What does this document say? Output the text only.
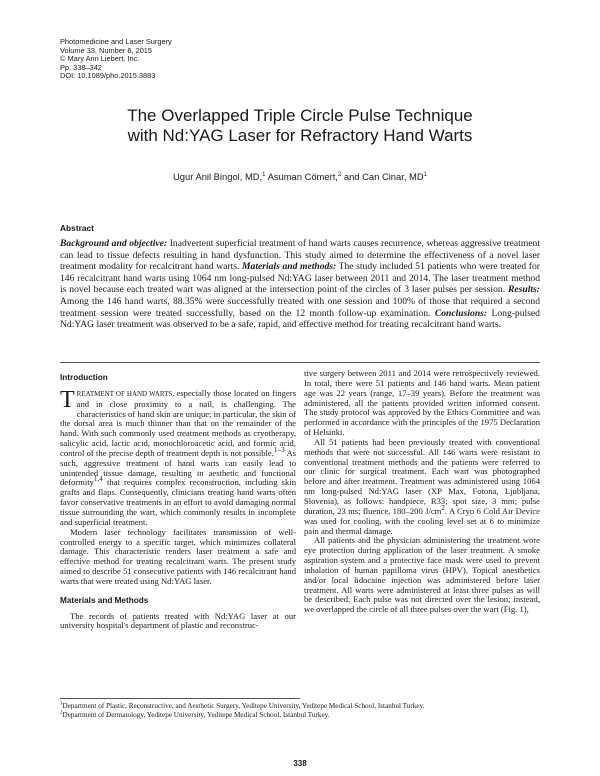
Photomedicine and Laser Surgery
Volume 33, Number 6, 2015
© Mary Ann Liebert, Inc.
Pp. 338–342
DOI: 10.1089/pho.2015.3883
The Overlapped Triple Circle Pulse Technique
with Nd:YAG Laser for Refractory Hand Warts
Ugur Anil Bingol, MD,$^1$ Asuman Cömert,$^2$ and Can Cinar, $MD^1$
Abstract

Background and objective: Inadvertent superficial treatment of hand warts causes recurrence, whereas aggressive treatment can lead to tissue defects resulting in hand dysfunction. This study aimed to determine the effectiveness of a novel laser treatment modality for recalcitrant hand warts. Materials and methods: The study included 51 patients who were treated for 146 recalcitrant hand warts using 1064 nm long-pulsed Nd:YAG laser between 2011 and 2014. The laser treatment method is novel because each treated wart was aligned at the intersection point of the circles of 3 laser pulses per session. Results: Among the 146 hand warts, 88.35% were successfully treated with one session and 100% of those that required a second treatment session were treated successfully, based on the 12 month follow-up examination. Conclusions: Long-pulsed Nd:YAG laser treatment was observed to be a safe, rapid, and effective method for treating recalcitrant hand warts.

Introduction

TREATMENT OF HAND WARTS, especially those located on fingers and in close proximity to a nail, is challenging. The characteristics of hand skin are unique; in particular, the skin of the dorsal area is much thinner than that on the remainder of the hand. With such commonly used treatment methods as cryotherapy, salicylic acid, lactic acid, monochloroacetic acid, and formic acid, control of the precise depth of treatment depth is not possible.$^{1-3}$ As such, aggressive treatment of hand warts can easily lead to unintended tissue damage, resulting in aesthetic and functional deformity$^{1,4}$ that requires complex reconstruction, including skin grafts and flaps. Consequently, clinicians treating hand warts often favor conservative treatments in an effort to avoid damaging normal tissue surrounding the wart, which commonly results in incomplete and superficial treatment.

Modern laser technology facilitates transmission of well-controlled energy to a specific target, which minimizes collateral damage. This characteristic renders laser treatment a safe and effective method for treating recalcitrant warts. The present study aimed to describe 51 consecutive patients with 146 recalcitrant hand warts that were treated using Nd:YAG laser.

Materials and Methods

The records of patients treated with Nd:YAG laser at our university hospital's department of plastic and reconstruc-

tive surgery between 2011 and 2014 were retrospectively reviewed. In total, there were 51 patients and 146 hand warts. Mean patient age was 22 years (range, 17–39 years). Before the treatment was administered, all the patients provided written informed consent. The study protocol was approved by the Ethics Committee and was performed in accordance with the principles of the 1975 Declaration of Helsinki.

All 51 patients had been previously treated with conventional methods that were not successful. All 146 warts were resistant to conventional treatment methods and the patients were referred to our clinic for surgical treatment. Each wart was photographed before and after treatment. Treatment was administered using 1064 nm long-pulsed Nd:YAG laser (XP Max, Fotona, Ljubljana, Slovenia), as follows: handpiece, R33; spot size, 3 mm; pulse duration, 23 ms; fluence, 180–200 $J/cm^2$. A Cryo 6 Cold Air Device was used for cooling, with the cooling level set at 6 to minimize pain and thermal damage.

All patients and the physician administering the treatment wore eye protection during application of the laser treatment. A smoke aspiration system and a protective face mask were used to prevent inhalation of human papilloma virus (HPV). Topical anesthetics and/or local lidocaine injection was administered before laser treatment. All warts were administered at least three pulses as will be described. Each pulse was not directed over the lesion; instead, we overlapped the circle of all three pulses over the wart (Fig. 1),

$^1$Department of Plastic, Reconstructive, and Aesthetic Surgery, Yeditepe University, Yeditepe Medical School, Istanbul Turkey.
$^2$Department of Dermatology, Yeditepe University, Yeditepe Medical School, Istanbul Turkey.
338
